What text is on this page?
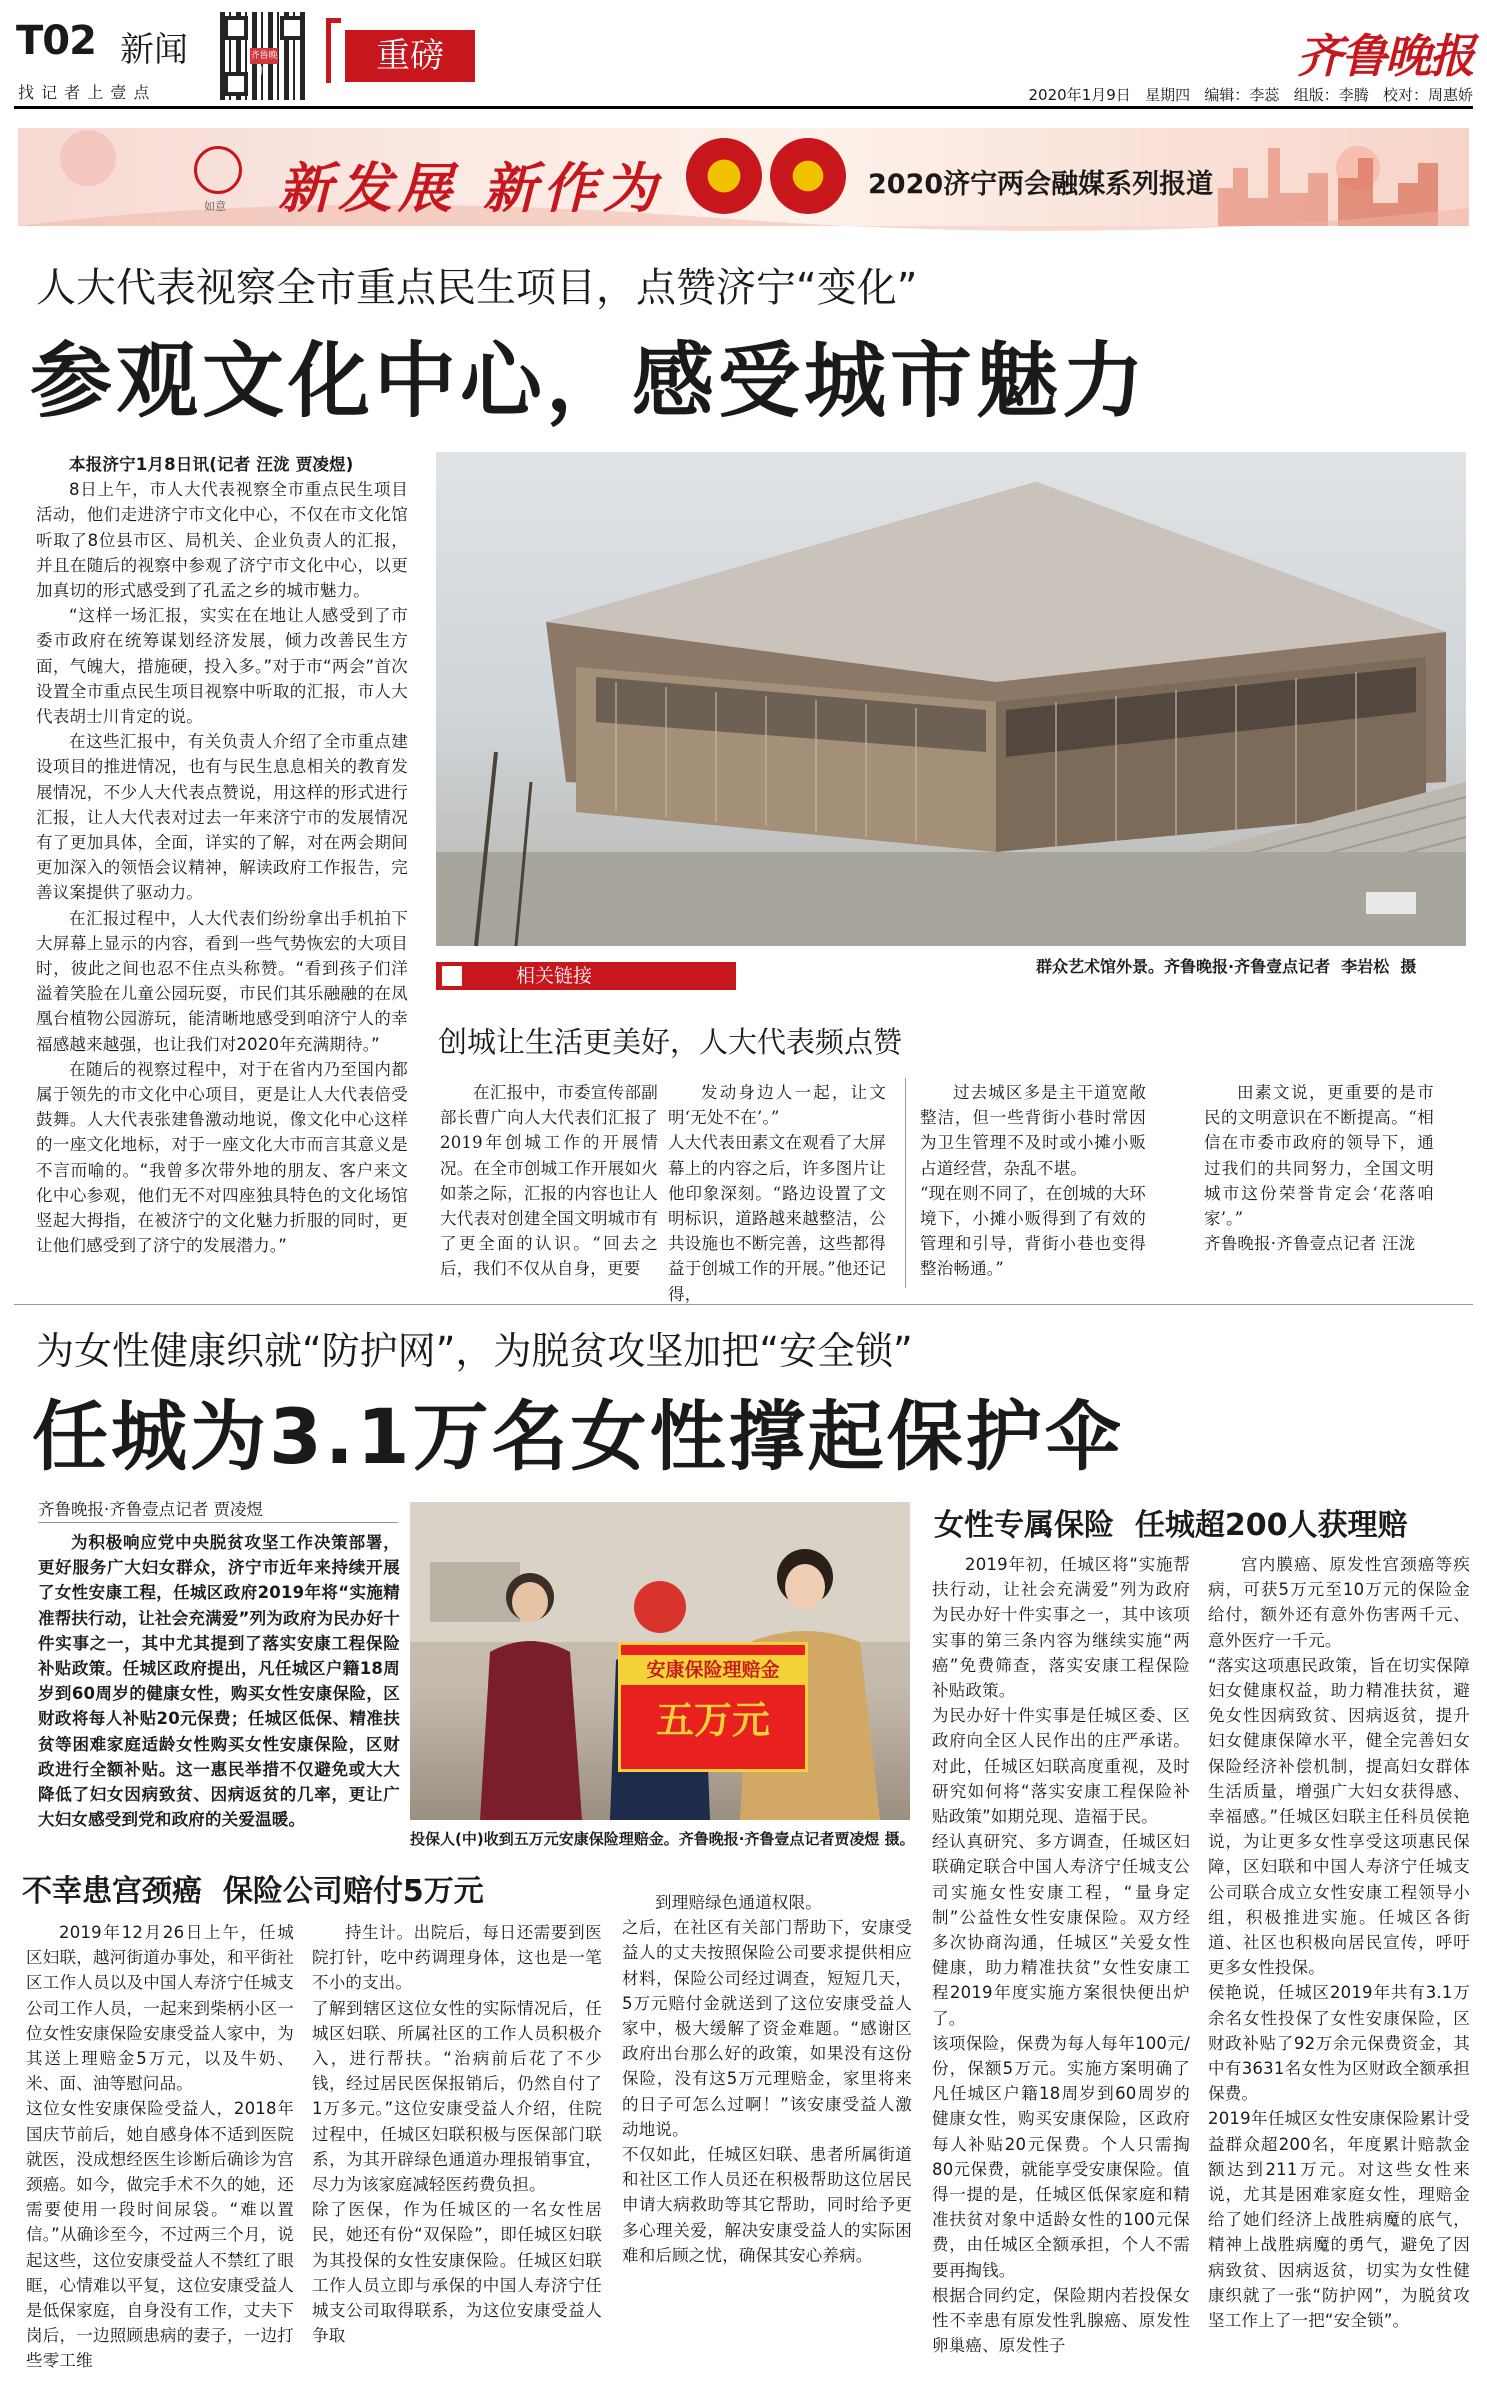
T02 新闻
找 记 者 上 壹 点
齐鲁晚报	重磅	齐鲁晚报
2020年1月9日   星期四   编辑：李蕊   组版：李腾   校对：周惠娇
如意 新发展 新作为	2020济宁两会融媒系列报道
人大代表视察全市重点民生项目，点赞济宁“变化”
参观文化中心，感受城市魅力

本报济宁1月8日讯(记者 汪泷 贾凌煜)

8日上午，市人大代表视察全市重点民生项目活动，他们走进济宁市文化中心，不仅在市文化馆听取了8位县市区、局机关、企业负责人的汇报，并且在随后的视察中参观了济宁市文化中心，以更加真切的形式感受到了孔孟之乡的城市魅力。

“这样一场汇报，实实在在地让人感受到了市委市政府在统筹谋划经济发展，倾力改善民生方面，气魄大，措施硬，投入多。”对于市“两会”首次设置全市重点民生项目视察中听取的汇报，市人大代表胡士川肯定的说。

在这些汇报中，有关负责人介绍了全市重点建设项目的推进情况，也有与民生息息相关的教育发展情况，不少人大代表点赞说，用这样的形式进行汇报，让人大代表对过去一年来济宁市的发展情况有了更加具体，全面，详实的了解，对在两会期间更加深入的领悟会议精神，解读政府工作报告，完善议案提供了驱动力。

在汇报过程中，人大代表们纷纷拿出手机拍下大屏幕上显示的内容，看到一些气势恢宏的大项目时，彼此之间也忍不住点头称赞。“看到孩子们洋溢着笑脸在儿童公园玩耍，市民们其乐融融的在凤凰台植物公园游玩，能清晰地感受到咱济宁人的幸福感越来越强，也让我们对2020年充满期待。”

在随后的视察过程中，对于在省内乃至国内都属于领先的市文化中心项目，更是让人大代表倍受鼓舞。人大代表张建鲁激动地说，像文化中心这样的一座文化地标，对于一座文化大市而言其意义是不言而喻的。“我曾多次带外地的朋友、客户来文化中心参观，他们无不对四座独具特色的文化场馆竖起大拇指，在被济宁的文化魅力折服的同时，更让他们感受到了济宁的发展潜力。”

群众艺术馆外景。齐鲁晚报·齐鲁壹点记者  李岩松  摄
相关链接
创城让生活更美好，人大代表频点赞

在汇报中，市委宣传部副部长曹广向人大代表们汇报了2019年创城工作的开展情况。在全市创城工作开展如火如荼之际，汇报的内容也让人大代表对创建全国文明城市有了更全面的认识。“回去之后，我们不仅从自身，更要

发动身边人一起，让文明‘无处不在’。”
人大代表田素文在观看了大屏幕上的内容之后，许多图片让他印象深刻。“路边设置了文明标识，道路越来越整洁，公共设施也不断完善，这些都得益于创城工作的开展。”他还记得，

过去城区多是主干道宽敞整洁，但一些背街小巷时常因为卫生管理不及时或小摊小贩占道经营，杂乱不堪。
“现在则不同了，在创城的大环境下，小摊小贩得到了有效的管理和引导，背街小巷也变得整治畅通。”

田素文说，更重要的是市民的文明意识在不断提高。“相信在市委市政府的领导下，通过我们的共同努力，全国文明城市这份荣誉肯定会‘花落咱家’。”
齐鲁晚报·齐鲁壹点记者 汪泷

为女性健康织就“防护网”，为脱贫攻坚加把“安全锁”
任城为3.1万名女性撑起保护伞
齐鲁晚报·齐鲁壹点记者 贾凌煜

为积极响应党中央脱贫攻坚工作决策部署，更好服务广大妇女群众，济宁市近年来持续开展了女性安康工程，任城区政府2019年将“实施精准帮扶行动，让社会充满爱”列为政府为民办好十件实事之一，其中尤其提到了落实安康工程保险补贴政策。任城区政府提出，凡任城区户籍18周岁到60周岁的健康女性，购买女性安康保险，区财政将每人补贴20元保费；任城区低保、精准扶贫等困难家庭适龄女性购买女性安康保险，区财政进行全额补贴。这一惠民举措不仅避免或大大降低了妇女因病致贫、因病返贫的几率，更让广大妇女感受到党和政府的关爱温暖。

安康保险理赔金
五万元
投保人(中)收到五万元安康保险理赔金。齐鲁晚报·齐鲁壹点记者贾凌煜 摄。
不幸患宫颈癌  保险公司赔付5万元

2019年12月26日上午，任城区妇联，越河街道办事处，和平街社区工作人员以及中国人寿济宁任城支公司工作人员，一起来到柴柄小区一位女性安康保险安康受益人家中，为其送上理赔金5万元，以及牛奶、米、面、油等慰问品。
这位女性安康保险受益人，2018年国庆节前后，她自感身体不适到医院就医，没成想经医生诊断后确诊为宫颈癌。如今，做完手术不久的她，还需要使用一段时间尿袋。“难以置信。”从确诊至今，不过两三个月，说起这些，这位安康受益人不禁红了眼眶，心情难以平复，这位安康受益人是低保家庭，自身没有工作，丈夫下岗后，一边照顾患病的妻子，一边打些零工维

持生计。出院后，每日还需要到医院打针，吃中药调理身体，这也是一笔不小的支出。
了解到辖区这位女性的实际情况后，任城区妇联、所属社区的工作人员积极介入，进行帮扶。“治病前后花了不少钱，经过居民医保报销后，仍然自付了1万多元。”这位安康受益人介绍，住院过程中，任城区妇联积极与医保部门联系，为其开辟绿色通道办理报销事宜，尽力为该家庭减轻医药费负担。
除了医保，作为任城区的一名女性居民，她还有份“双保险”，即任城区妇联为其投保的女性安康保险。任城区妇联工作人员立即与承保的中国人寿济宁任城支公司取得联系，为这位安康受益人争取

到理赔绿色通道权限。
之后，在社区有关部门帮助下，安康受益人的丈夫按照保险公司要求提供相应材料，保险公司经过调查，短短几天，5万元赔付金就送到了这位安康受益人家中，极大缓解了资金难题。“感谢区政府出台那么好的政策，如果没有这份保险，没有这5万元理赔金，家里将来的日子可怎么过啊！”该安康受益人激动地说。
不仅如此，任城区妇联、患者所属街道和社区工作人员还在积极帮助这位居民申请大病救助等其它帮助，同时给予更多心理关爱，解决安康受益人的实际困难和后顾之忧，确保其安心养病。

女性专属保险  任城超200人获理赔

2019年初，任城区将“实施帮扶行动，让社会充满爱”列为政府为民办好十件实事之一，其中该项实事的第三条内容为继续实施“两癌”免费筛查，落实安康工程保险补贴政策。
为民办好十件实事是任城区委、区政府向全区人民作出的庄严承诺。对此，任城区妇联高度重视，及时研究如何将“落实安康工程保险补贴政策”如期兑现、造福于民。
经认真研究、多方调查，任城区妇联确定联合中国人寿济宁任城支公司实施女性安康工程，“量身定制”公益性女性安康保险。双方经多次协商沟通，任城区“关爱女性健康，助力精准扶贫”女性安康工程2019年度实施方案很快便出炉了。
该项保险，保费为每人每年100元/份，保额5万元。实施方案明确了凡任城区户籍18周岁到60周岁的健康女性，购买安康保险，区政府每人补贴20元保费。个人只需掏80元保费，就能享受安康保险。值得一提的是，任城区低保家庭和精准扶贫对象中适龄女性的100元保费，由任城区全额承担，个人不需要再掏钱。
根据合同约定，保险期内若投保女性不幸患有原发性乳腺癌、原发性卵巢癌、原发性子

宫内膜癌、原发性宫颈癌等疾病，可获5万元至10万元的保险金给付，额外还有意外伤害两千元、意外医疗一千元。
“落实这项惠民政策，旨在切实保障妇女健康权益，助力精准扶贫，避免女性因病致贫、因病返贫，提升妇女健康保障水平，健全完善妇女保险经济补偿机制，提高妇女群体生活质量，增强广大妇女获得感、幸福感。”任城区妇联主任科员侯艳说，为让更多女性享受这项惠民保障，区妇联和中国人寿济宁任城支公司联合成立女性安康工程领导小组，积极推进实施。任城区各街道、社区也积极向居民宣传，呼吁更多女性投保。
侯艳说，任城区2019年共有3.1万余名女性投保了女性安康保险，区财政补贴了92万余元保费资金，其中有3631名女性为区财政全额承担保费。
2019年任城区女性安康保险累计受益群众超200名，年度累计赔款金额达到211万元。对这些女性来说，尤其是困难家庭女性，理赔金给了她们经济上战胜病魔的底气，精神上战胜病魔的勇气，避免了因病致贫、因病返贫，切实为女性健康织就了一张“防护网”，为脱贫攻坚工作上了一把“安全锁”。
